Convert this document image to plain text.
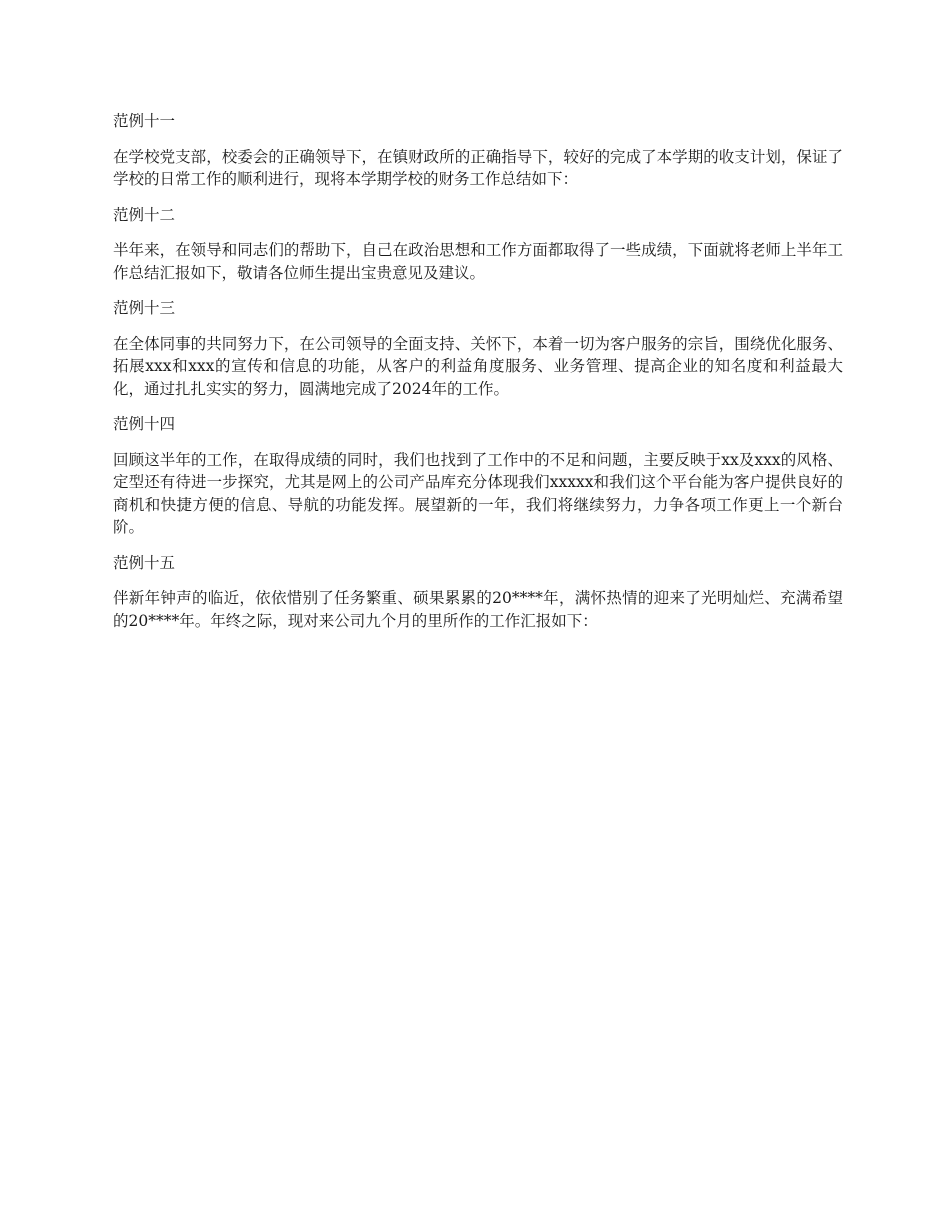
范例十一

在学校党支部，校委会的正确领导下，在镇财政所的正确指导下，较好的完成了本学期的收支计划，保证了学校的日常工作的顺利进行，现将本学期学校的财务工作总结如下：

范例十二

半年来，在领导和同志们的帮助下，自己在政治思想和工作方面都取得了一些成绩，下面就将老师上半年工作总结汇报如下，敬请各位师生提出宝贵意见及建议。

范例十三

在全体同事的共同努力下，在公司领导的全面支持、关怀下，本着一切为客户服务的宗旨，围绕优化服务、拓展xxx和xxx的宣传和信息的功能，从客户的利益角度服务、业务管理、提高企业的知名度和利益最大化，通过扎扎实实的努力，圆满地完成了2024年的工作。

范例十四

回顾这半年的工作，在取得成绩的同时，我们也找到了工作中的不足和问题，主要反映于xx及xxx的风格、定型还有待进一步探究，尤其是网上的公司产品库充分体现我们xxxxx和我们这个平台能为客户提供良好的商机和快捷方便的信息、导航的功能发挥。展望新的一年，我们将继续努力，力争各项工作更上一个新台阶。

范例十五

伴新年钟声的临近，依依惜别了任务繁重、硕果累累的20****年，满怀热情的迎来了光明灿烂、充满希望的20****年。年终之际，现对来公司九个月的里所作的工作汇报如下：
